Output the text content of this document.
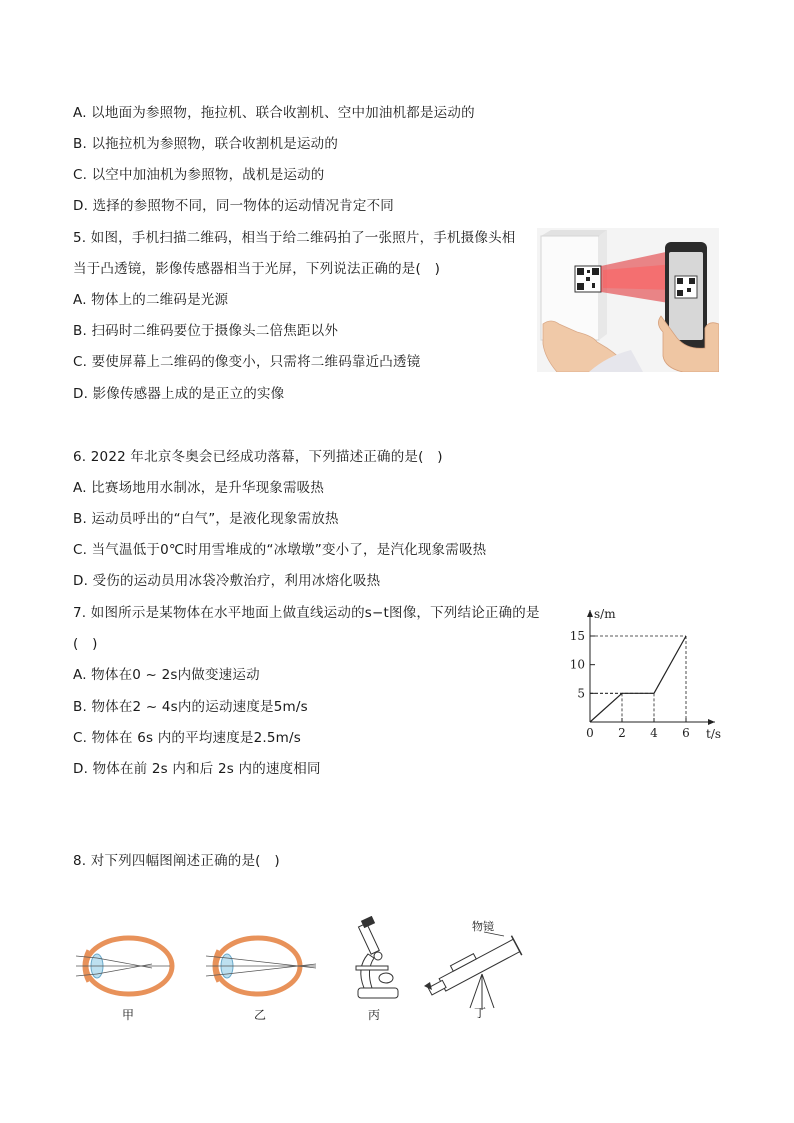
A. 以地面为参照物，拖拉机、联合收割机、空中加油机都是运动的
B. 以拖拉机为参照物，联合收割机是运动的
C. 以空中加油机为参照物，战机是运动的
D. 选择的参照物不同，同一物体的运动情况肯定不同
5. 如图，手机扫描二维码，相当于给二维码拍了一张照片，手机摄像头相
当于凸透镜，影像传感器相当于光屏，下列说法正确的是(　)
A. 物体上的二维码是光源
B. 扫码时二维码要位于摄像头二倍焦距以外
C. 要使屏幕上二维码的像变小，只需将二维码靠近凸透镜
D. 影像传感器上成的是正立的实像
6. 2022 年北京冬奥会已经成功落幕，下列描述正确的是(　)
A. 比赛场地用水制冰，是升华现象需吸热
B. 运动员呼出的“白气”，是液化现象需放热
C. 当气温低于0℃时用雪堆成的“冰墩墩”变小了，是汽化现象需吸热
D. 受伤的运动员用冰袋冷敷治疗，利用冰熔化吸热
7. 如图所示是某物体在水平地面上做直线运动的s−t图像，下列结论正确的是
(　)
A. 物体在0 ~ 2s内做变速运动
B. 物体在2 ~ 4s内的运动速度是5m/s
C. 物体在 6s 内的平均速度是2.5m/s
D. 物体在前 2s 内和后 2s 内的速度相同
0 2 4 6
5
10
15
s/m
t/s
8. 对下列四幅图阐述正确的是(　)
甲	乙	丙
物镜
丁
